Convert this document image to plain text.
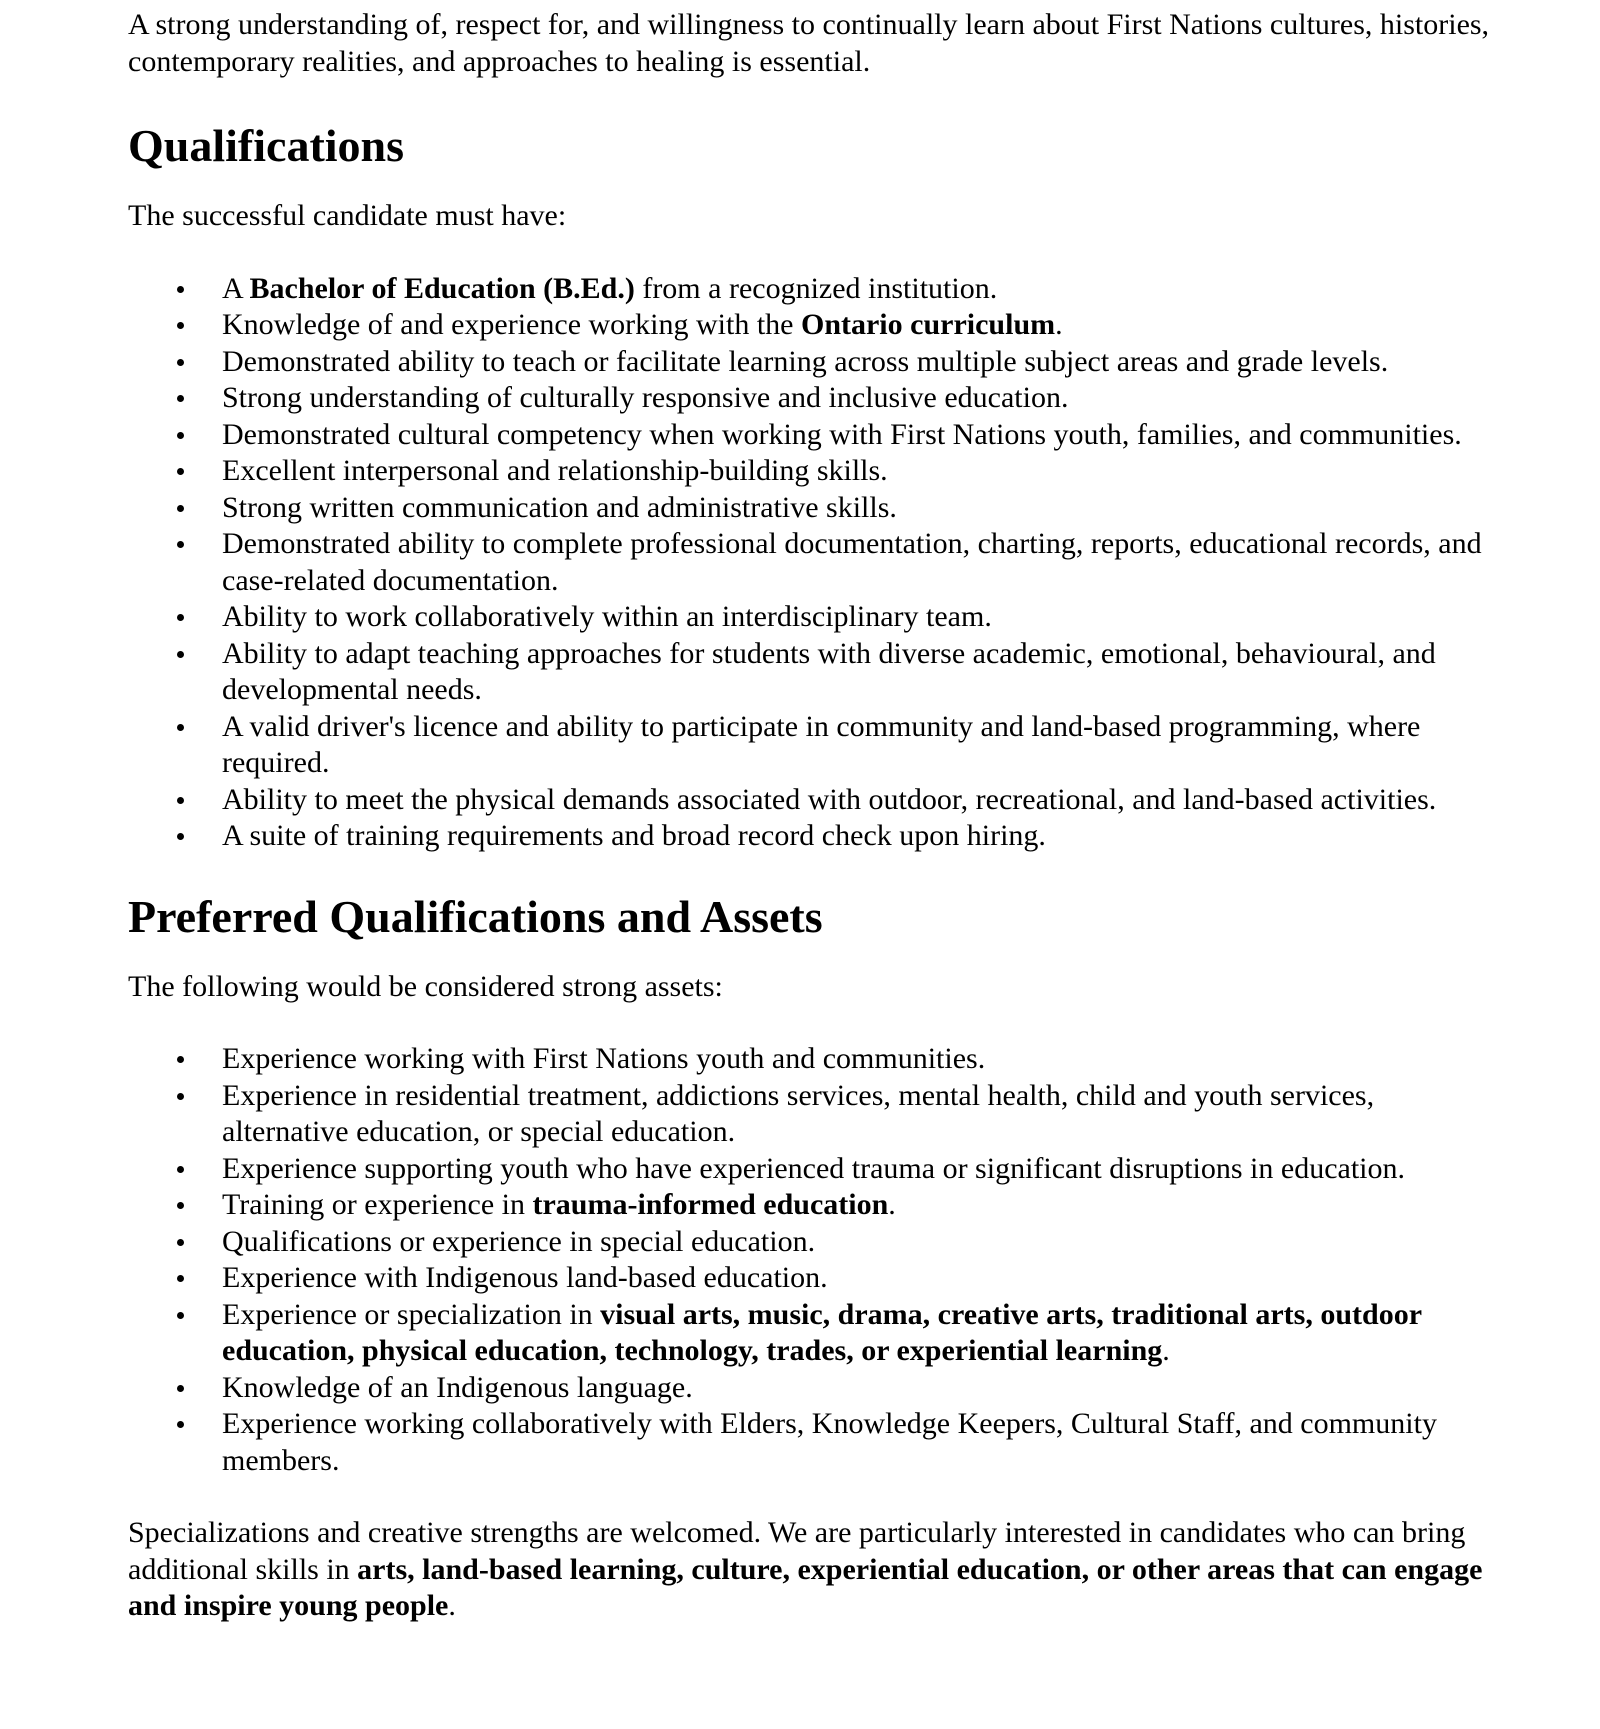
A strong understanding of, respect for, and willingness to continually learn about First Nations cultures, histories, contemporary realities, and approaches to healing is essential.

Qualifications

The successful candidate must have:

A Bachelor of Education (B.Ed.) from a recognized institution.
Knowledge of and experience working with the Ontario curriculum.
Demonstrated ability to teach or facilitate learning across multiple subject areas and grade levels.
Strong understanding of culturally responsive and inclusive education.
Demonstrated cultural competency when working with First Nations youth, families, and communities.
Excellent interpersonal and relationship-building skills.
Strong written communication and administrative skills.
Demonstrated ability to complete professional documentation, charting, reports, educational records, and case-related documentation.
Ability to work collaboratively within an interdisciplinary team.
Ability to adapt teaching approaches for students with diverse academic, emotional, behavioural, and developmental needs.
A valid driver's licence and ability to participate in community and land-based programming, where required.
Ability to meet the physical demands associated with outdoor, recreational, and land-based activities.
A suite of training requirements and broad record check upon hiring.
Preferred Qualifications and Assets

The following would be considered strong assets:

Experience working with First Nations youth and communities.
Experience in residential treatment, addictions services, mental health, child and youth services, alternative education, or special education.
Experience supporting youth who have experienced trauma or significant disruptions in education.
Training or experience in trauma-informed education.
Qualifications or experience in special education.
Experience with Indigenous land-based education.
Experience or specialization in visual arts, music, drama, creative arts, traditional arts, outdoor education, physical education, technology, trades, or experiential learning.
Knowledge of an Indigenous language.
Experience working collaboratively with Elders, Knowledge Keepers, Cultural Staff, and community members.

Specializations and creative strengths are welcomed. We are particularly interested in candidates who can bring additional skills in arts, land-based learning, culture, experiential education, or other areas that can engage and inspire young people.
